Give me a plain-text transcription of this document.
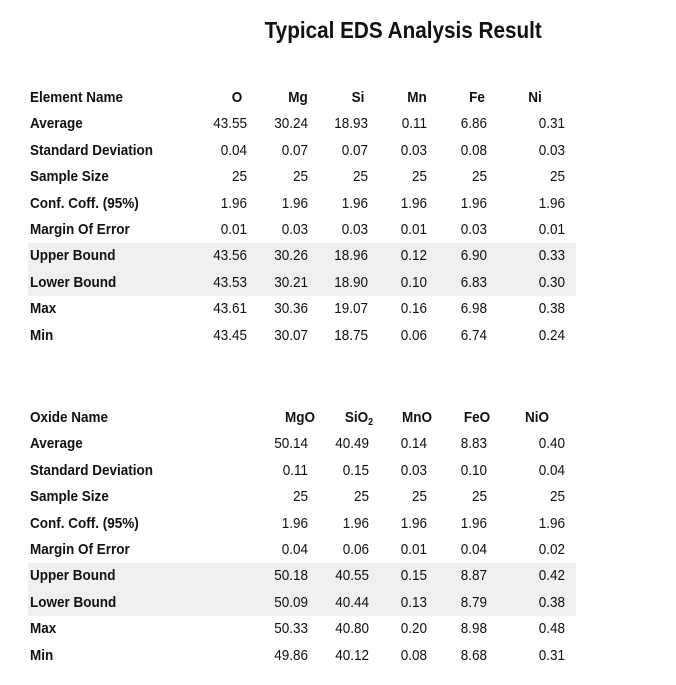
Typical EDS Analysis Result
Element Name	O	Mg	Si	Mn	Fe	Ni
Average	43.55	30.24	18.93	0.11	6.86	0.31
Standard Deviation	0.04	0.07	0.07	0.03	0.08	0.03
Sample Size	25	25	25	25	25	25
Conf. Coff. (95%)	1.96	1.96	1.96	1.96	1.96	1.96
Margin Of Error	0.01	0.03	0.03	0.01	0.03	0.01
Upper Bound	43.56	30.26	18.96	0.12	6.90	0.33
Lower Bound	43.53	30.21	18.90	0.10	6.83	0.30
Max	43.61	30.36	19.07	0.16	6.98	0.38
Min	43.45	30.07	18.75	0.06	6.74	0.24
Oxide Name	MgO	SiO$_2$	MnO	FeO	NiO
Average	50.14	40.49	0.14	8.83	0.40
Standard Deviation	0.11	0.15	0.03	0.10	0.04
Sample Size	25	25	25	25	25
Conf. Coff. (95%)	1.96	1.96	1.96	1.96	1.96
Margin Of Error	0.04	0.06	0.01	0.04	0.02
Upper Bound	50.18	40.55	0.15	8.87	0.42
Lower Bound	50.09	40.44	0.13	8.79	0.38
Max	50.33	40.80	0.20	8.98	0.48
Min	49.86	40.12	0.08	8.68	0.31
